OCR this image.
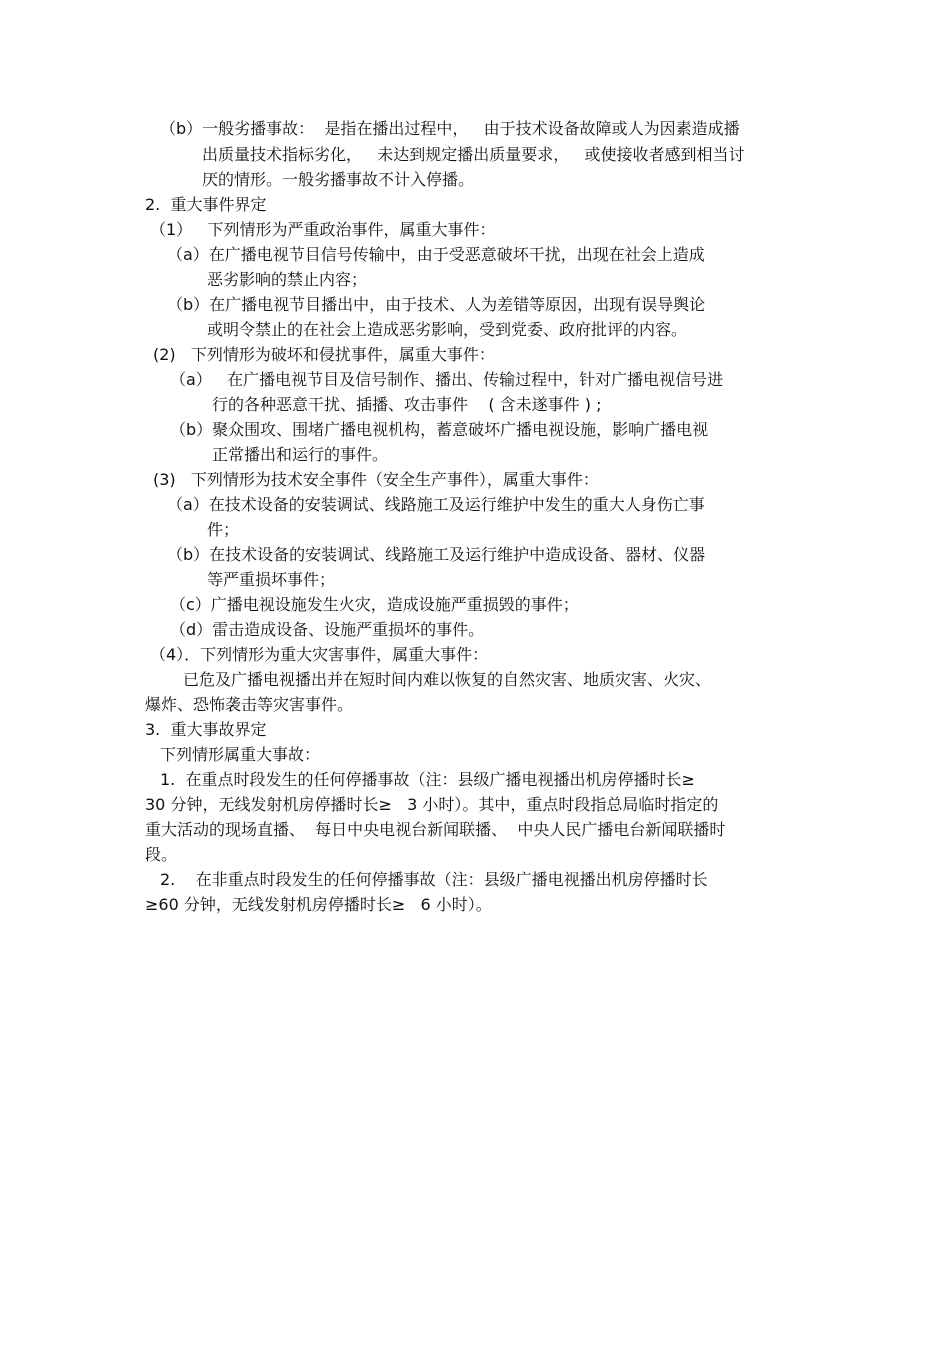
（b）一般劣播事故：  是指在播出过程中，   由于技术设备故障或人为因素造成播
出质量技术指标劣化，   未达到规定播出质量要求，   或使接收者感到相当讨
厌的情形。一般劣播事故不计入停播。
2.  重大事件界定
（1）   下列情形为严重政治事件，属重大事件：
（a）在广播电视节目信号传输中，由于受恶意破坏干扰，出现在社会上造成
恶劣影响的禁止内容；
（b）在广播电视节目播出中，由于技术、人为差错等原因，出现有误导舆论
或明令禁止的在社会上造成恶劣影响，受到党委、政府批评的内容。
(2)   下列情形为破坏和侵扰事件，属重大事件：
（a）   在广播电视节目及信号制作、播出、传输过程中，针对广播电视信号进
行的各种恶意干扰、插播、攻击事件    ( 含未遂事件 ) ;
（b）聚众围攻、围堵广播电视机构，蓄意破坏广播电视设施，影响广播电视
正常播出和运行的事件。
(3)   下列情形为技术安全事件（安全生产事件），属重大事件：
（a）在技术设备的安装调试、线路施工及运行维护中发生的重大人身伤亡事
件；
（b）在技术设备的安装调试、线路施工及运行维护中造成设备、器材、仪器
等严重损坏事件；
（c）广播电视设施发生火灾，造成设施严重损毁的事件；
（d）雷击造成设备、设施严重损坏的事件。
（4）．下列情形为重大灾害事件，属重大事件：
已危及广播电视播出并在短时间内难以恢复的自然灾害、地质灾害、火灾、
爆炸、恐怖袭击等灾害事件。
3.  重大事故界定
下列情形属重大事故：
1.  在重点时段发生的任何停播事故（注：县级广播电视播出机房停播时长≥
30 分钟，无线发射机房停播时长≥   3 小时）。其中，重点时段指总局临时指定的
重大活动的现场直播、  每日中央电视台新闻联播、  中央人民广播电台新闻联播时
段。
2.    在非重点时段发生的任何停播事故（注：县级广播电视播出机房停播时长
≥60 分钟，无线发射机房停播时长≥   6 小时）。
